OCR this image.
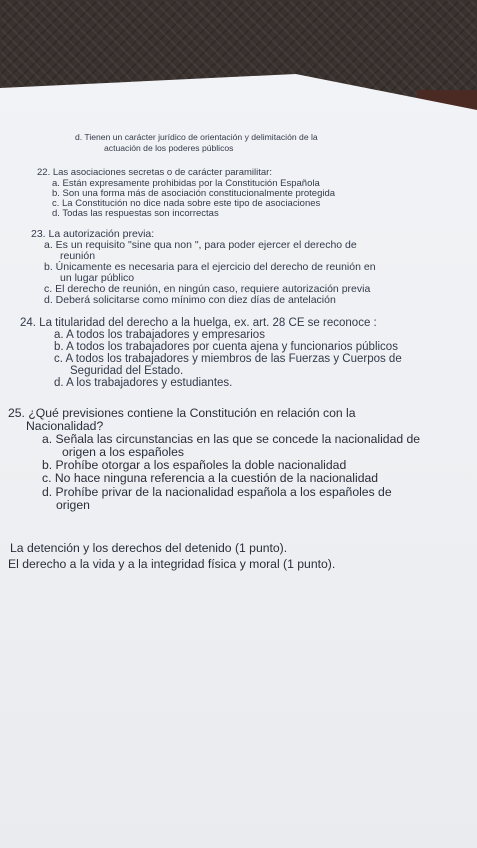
d. Tienen un carácter jurídico de orientación y delimitación de la
actuación de los poderes públicos
22. Las asociaciones secretas o de carácter paramilitar:
a. Están expresamente prohibidas por la Constitución Española
b. Son una forma más de asociación constitucionalmente protegida
c. La Constitución no dice nada sobre este tipo de asociaciones
d. Todas las respuestas son incorrectas
23. La autorización previa:
a. Es un requisito "sine qua non ", para poder ejercer el derecho de
reunión
b. Únicamente es necesaria para el ejercicio del derecho de reunión en
un lugar público
c. El derecho de reunión, en ningún caso, requiere autorización previa
d. Deberá solicitarse como mínimo con diez días de antelación
24. La titularidad del derecho a la huelga, ex. art. 28 CE se reconoce :
a. A todos los trabajadores y empresarios
b. A todos los trabajadores por cuenta ajena y funcionarios públicos
c. A todos los trabajadores y miembros de las Fuerzas y Cuerpos de
Seguridad del Estado.
d. A los trabajadores y estudiantes.
25. ¿Qué previsiones contiene la Constitución en relación con la
Nacionalidad?
a. Señala las circunstancias en las que se concede la nacionalidad de
origen a los españoles
b. Prohíbe otorgar a los españoles la doble nacionalidad
c. No hace ninguna referencia a la cuestión de la nacionalidad
d. Prohíbe privar de la nacionalidad española a los españoles de
origen
La detención y los derechos del detenido (1 punto).
El derecho a la vida y a la integridad física y moral (1 punto).
